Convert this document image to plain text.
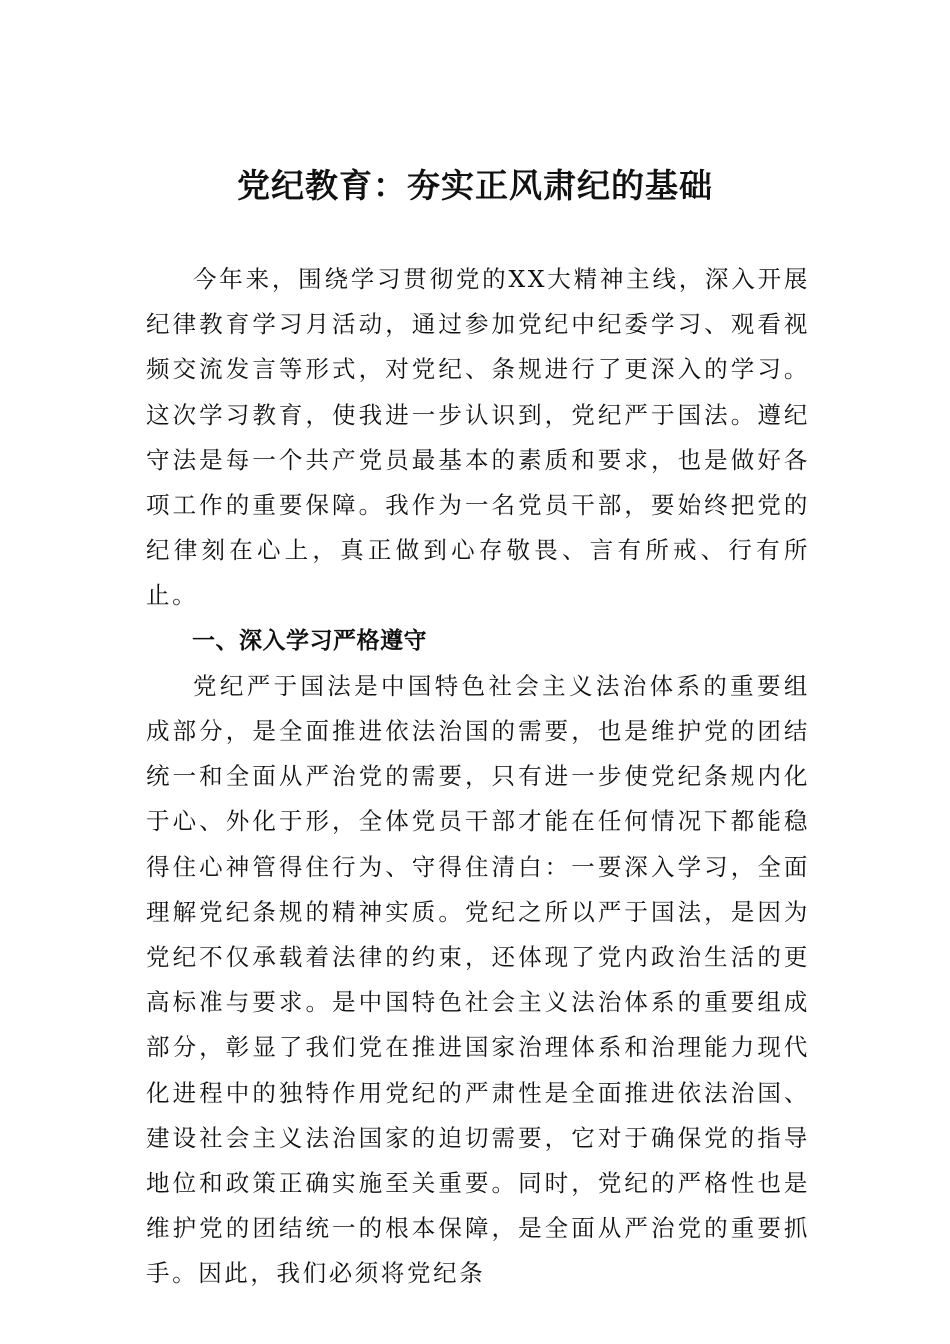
党纪教育：夯实正风肃纪的基础

今年来，围绕学习贯彻党的XX大精神主线，深入开展纪律教育学习月活动，通过参加党纪中纪委学习、观看视频交流发言等形式，对党纪、条规进行了更深入的学习。这次学习教育，使我进一步认识到，党纪严于国法。遵纪守法是每一个共产党员最基本的素质和要求，也是做好各项工作的重要保障。我作为一名党员干部，要始终把党的纪律刻在心上，真正做到心存敬畏、言有所戒、行有所止。

一、深入学习严格遵守

党纪严于国法是中国特色社会主义法治体系的重要组成部分，是全面推进依法治国的需要，也是维护党的团结统一和全面从严治党的需要，只有进一步使党纪条规内化于心、外化于形，全体党员干部才能在任何情况下都能稳得住心神管得住行为、守得住清白：一要深入学习，全面理解党纪条规的精神实质。党纪之所以严于国法，是因为党纪不仅承载着法律的约束，还体现了党内政治生活的更高标准与要求。是中国特色社会主义法治体系的重要组成部分，彰显了我们党在推进国家治理体系和治理能力现代化进程中的独特作用党纪的严肃性是全面推进依法治国、建设社会主义法治国家的迫切需要，它对于确保党的指导地位和政策正确实施至关重要。同时，党纪的严格性也是维护党的团结统一的根本保障，是全面从严治党的重要抓手。因此，我们必须将党纪条
